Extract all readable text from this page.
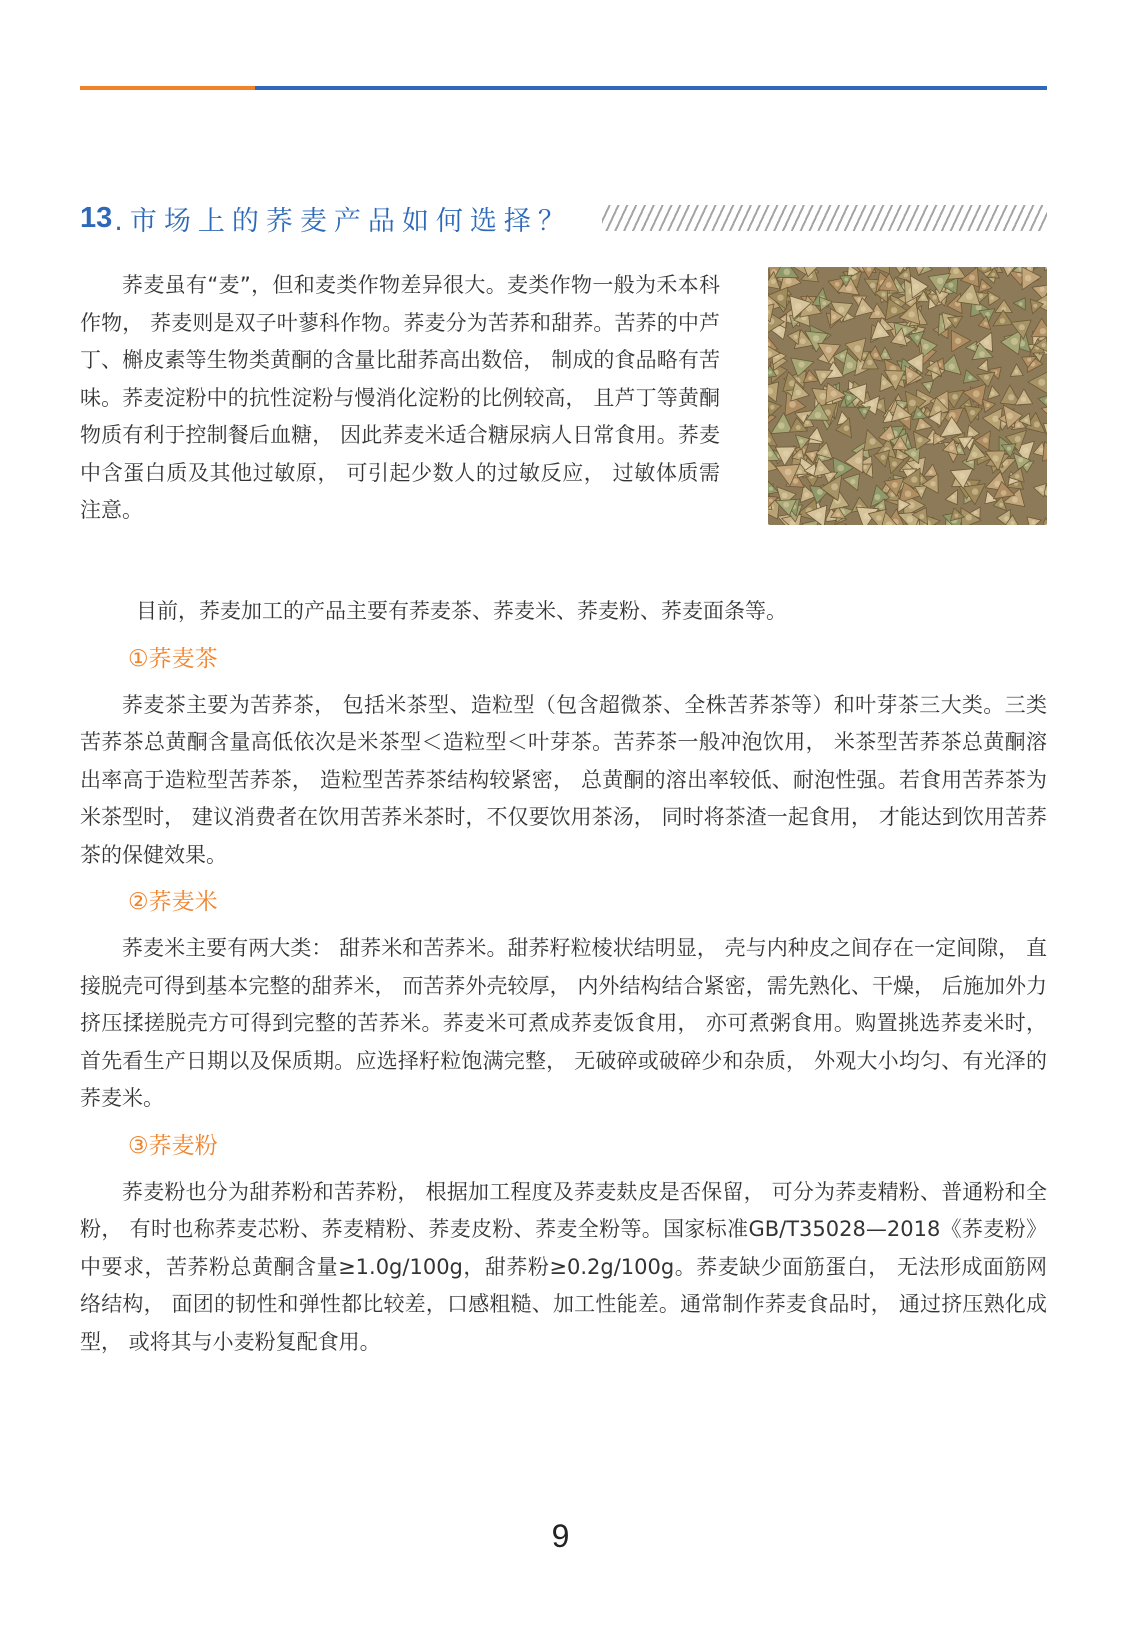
13 .市场上的荞麦产品如何选择？

荞麦虽有“麦”，但和麦类作物差异很大。麦类作物一般为禾本科作物， 荞麦则是双子叶蓼科作物。荞麦分为苦荞和甜荞。苦荞的中芦丁、槲皮素等生物类黄酮的含量比甜荞高出数倍， 制成的食品略有苦味。荞麦淀粉中的抗性淀粉与慢消化淀粉的比例较高， 且芦丁等黄酮物质有利于控制餐后血糖， 因此荞麦米适合糖尿病人日常食用。荞麦中含蛋白质及其他过敏原， 可引起少数人的过敏反应， 过敏体质需注意。

目前，荞麦加工的产品主要有荞麦茶、荞麦米、荞麦粉、荞麦面条等。

①荞麦茶

荞麦茶主要为苦荞茶， 包括米茶型、造粒型（包含超微茶、全株苦荞茶等）和叶芽茶三大类。三类苦荞茶总黄酮含量高低依次是米茶型＜造粒型＜叶芽茶。苦荞茶一般冲泡饮用， 米茶型苦荞茶总黄酮溶出率高于造粒型苦荞茶， 造粒型苦荞茶结构较紧密， 总黄酮的溶出率较低、耐泡性强。若食用苦荞茶为米茶型时， 建议消费者在饮用苦荞米茶时，不仅要饮用茶汤， 同时将茶渣一起食用， 才能达到饮用苦荞茶的保健效果。

②荞麦米

荞麦米主要有两大类： 甜荞米和苦荞米。甜荞籽粒棱状结明显， 壳与内种皮之间存在一定间隙， 直接脱壳可得到基本完整的甜荞米， 而苦荞外壳较厚， 内外结构结合紧密，需先熟化、干燥， 后施加外力挤压揉搓脱壳方可得到完整的苦荞米。荞麦米可煮成荞麦饭食用， 亦可煮粥食用。购置挑选荞麦米时， 首先看生产日期以及保质期。应选择籽粒饱满完整， 无破碎或破碎少和杂质， 外观大小均匀、有光泽的荞麦米。

③荞麦粉

荞麦粉也分为甜荞粉和苦荞粉， 根据加工程度及荞麦麸皮是否保留， 可分为荞麦精粉、普通粉和全粉， 有时也称荞麦芯粉、荞麦精粉、荞麦皮粉、荞麦全粉等。国家标准GB/T35028—2018《荞麦粉》中要求，苦荞粉总黄酮含量≥1.0g/100g，甜荞粉≥0.2g/100g。荞麦缺少面筋蛋白， 无法形成面筋网络结构， 面团的韧性和弹性都比较差，口感粗糙、加工性能差。通常制作荞麦食品时， 通过挤压熟化成型， 或将其与小麦粉复配食用。

9
